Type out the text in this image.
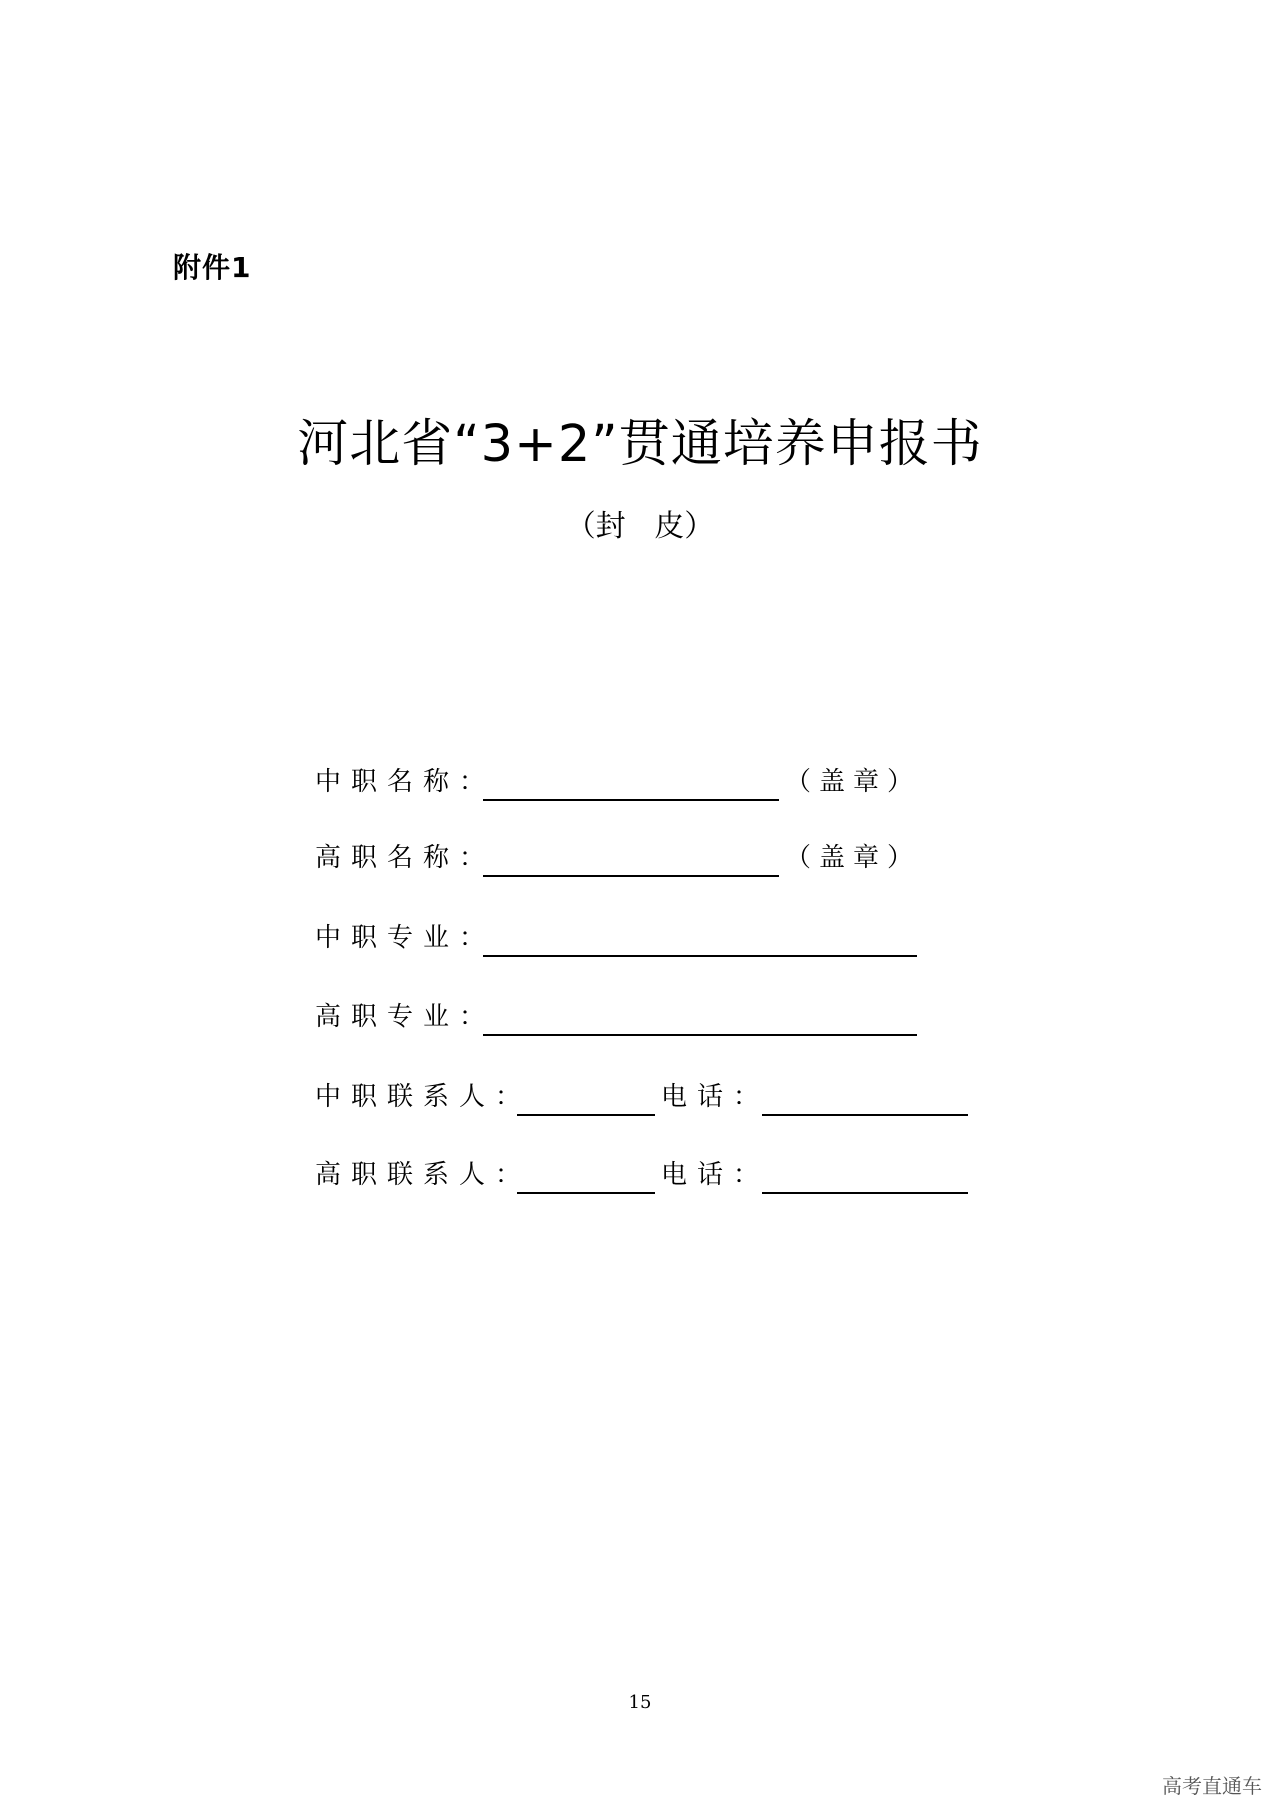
附件1
河北省“3+2”贯通培养申报书
（封   皮）
中职名称：	（盖章）
高职名称：	（盖章）
中职专业：
高职专业：
中职联系人：	电话：
高职联系人：	电话：
15
高考直通车
